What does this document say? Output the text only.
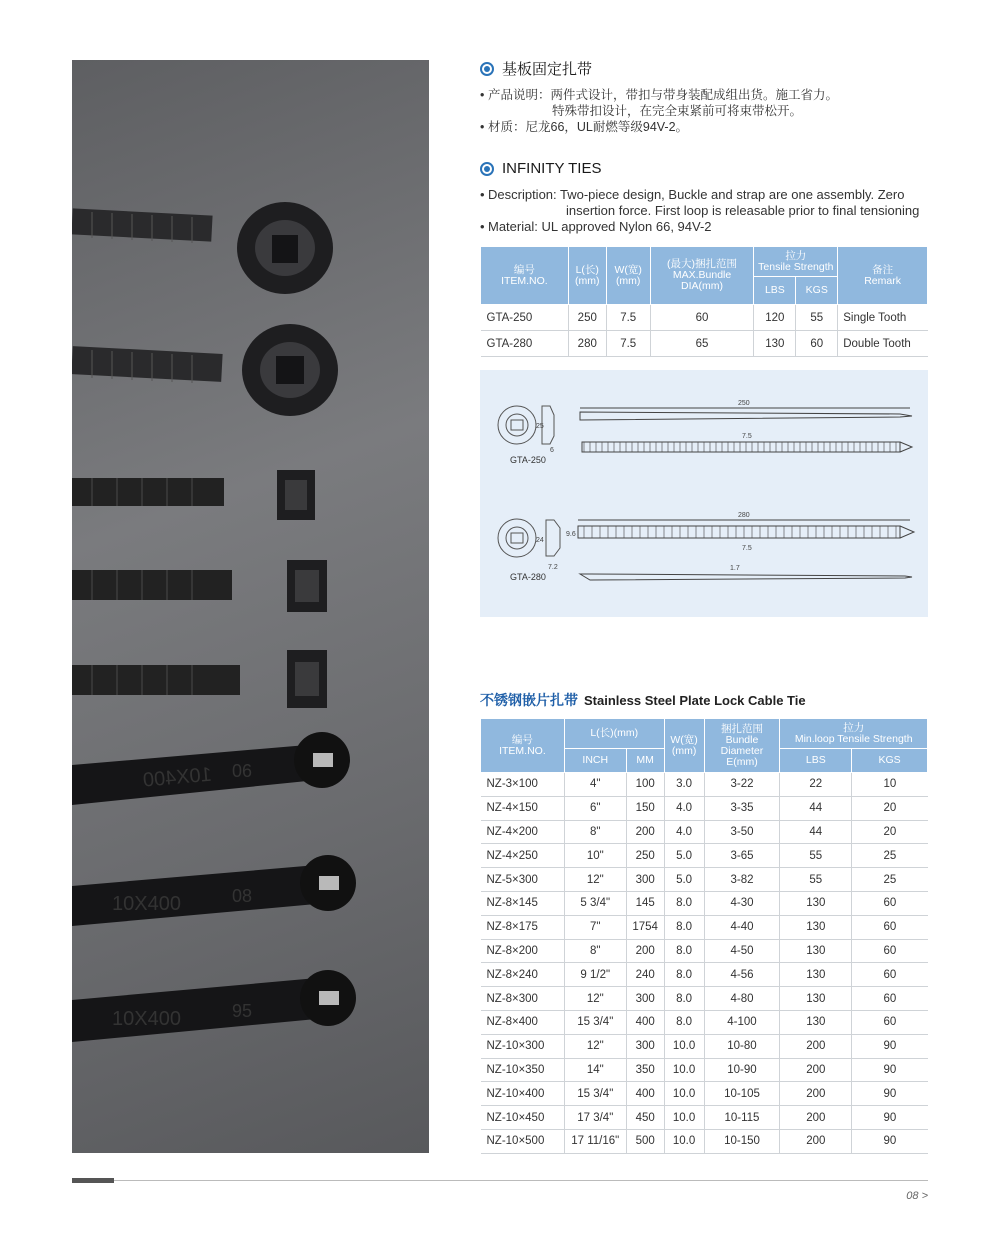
10X400 06
10X400	08
10X400	95
基板固定扎带
• 产品说明：两件式设计，带扣与带身装配成组出货。施工省力。
特殊带扣设计，在完全束紧前可将束带松开。
• 材质：尼龙66，UL耐燃等级94V-2。
INFINITY TIES
• Description: Two-piece design, Buckle and strap are one assembly. Zero
insertion force. First loop is releasable prior to final tensioning
• Material: UL approved Nylon 66, 94V-2
编号
ITEM.NO.	L(长)
(mm)	W(宽)
(mm)	(最大)捆扎范围
MAX.Bundle
DIA(mm)	拉力
Tensile Strength		备注
Remark
				LBS	KGS	
GTA-250	250	7.5	60	120	55	Single Tooth
GTA-280	280	7.5	65	130	60	Double Tooth
25
6
GTA-250
250
7.5
24
9.6
7.2
GTA-280
280
7.5
1.7
不锈钢嵌片扎带 Stainless Steel Plate Lock Cable Tie
编号
ITEM.NO.	L(长)(mm)		W(宽)
(mm)	捆扎范围
Bundle Diameter
E(mm)	拉力
Min.loop Tensile Strength	
	INCH	MM			LBS	KGS
NZ-3×100	4"	100	3.0	3-22	22	10
NZ-4×150	6"	150	4.0	3-35	44	20
NZ-4×200	8"	200	4.0	3-50	44	20
NZ-4×250	10"	250	5.0	3-65	55	25
NZ-5×300	12"	300	5.0	3-82	55	25
NZ-8×145	5 3/4"	145	8.0	4-30	130	60
NZ-8×175	7"	1754	8.0	4-40	130	60
NZ-8×200	8"	200	8.0	4-50	130	60
NZ-8×240	9 1/2"	240	8.0	4-56	130	60
NZ-8×300	12"	300	8.0	4-80	130	60
NZ-8×400	15 3/4"	400	8.0	4-100	130	60
NZ-10×300	12"	300	10.0	10-80	200	90
NZ-10×350	14"	350	10.0	10-90	200	90
NZ-10×400	15 3/4"	400	10.0	10-105	200	90
NZ-10×450	17 3/4"	450	10.0	10-115	200	90
NZ-10×500	17 11/16"	500	10.0	10-150	200	90
08 >
